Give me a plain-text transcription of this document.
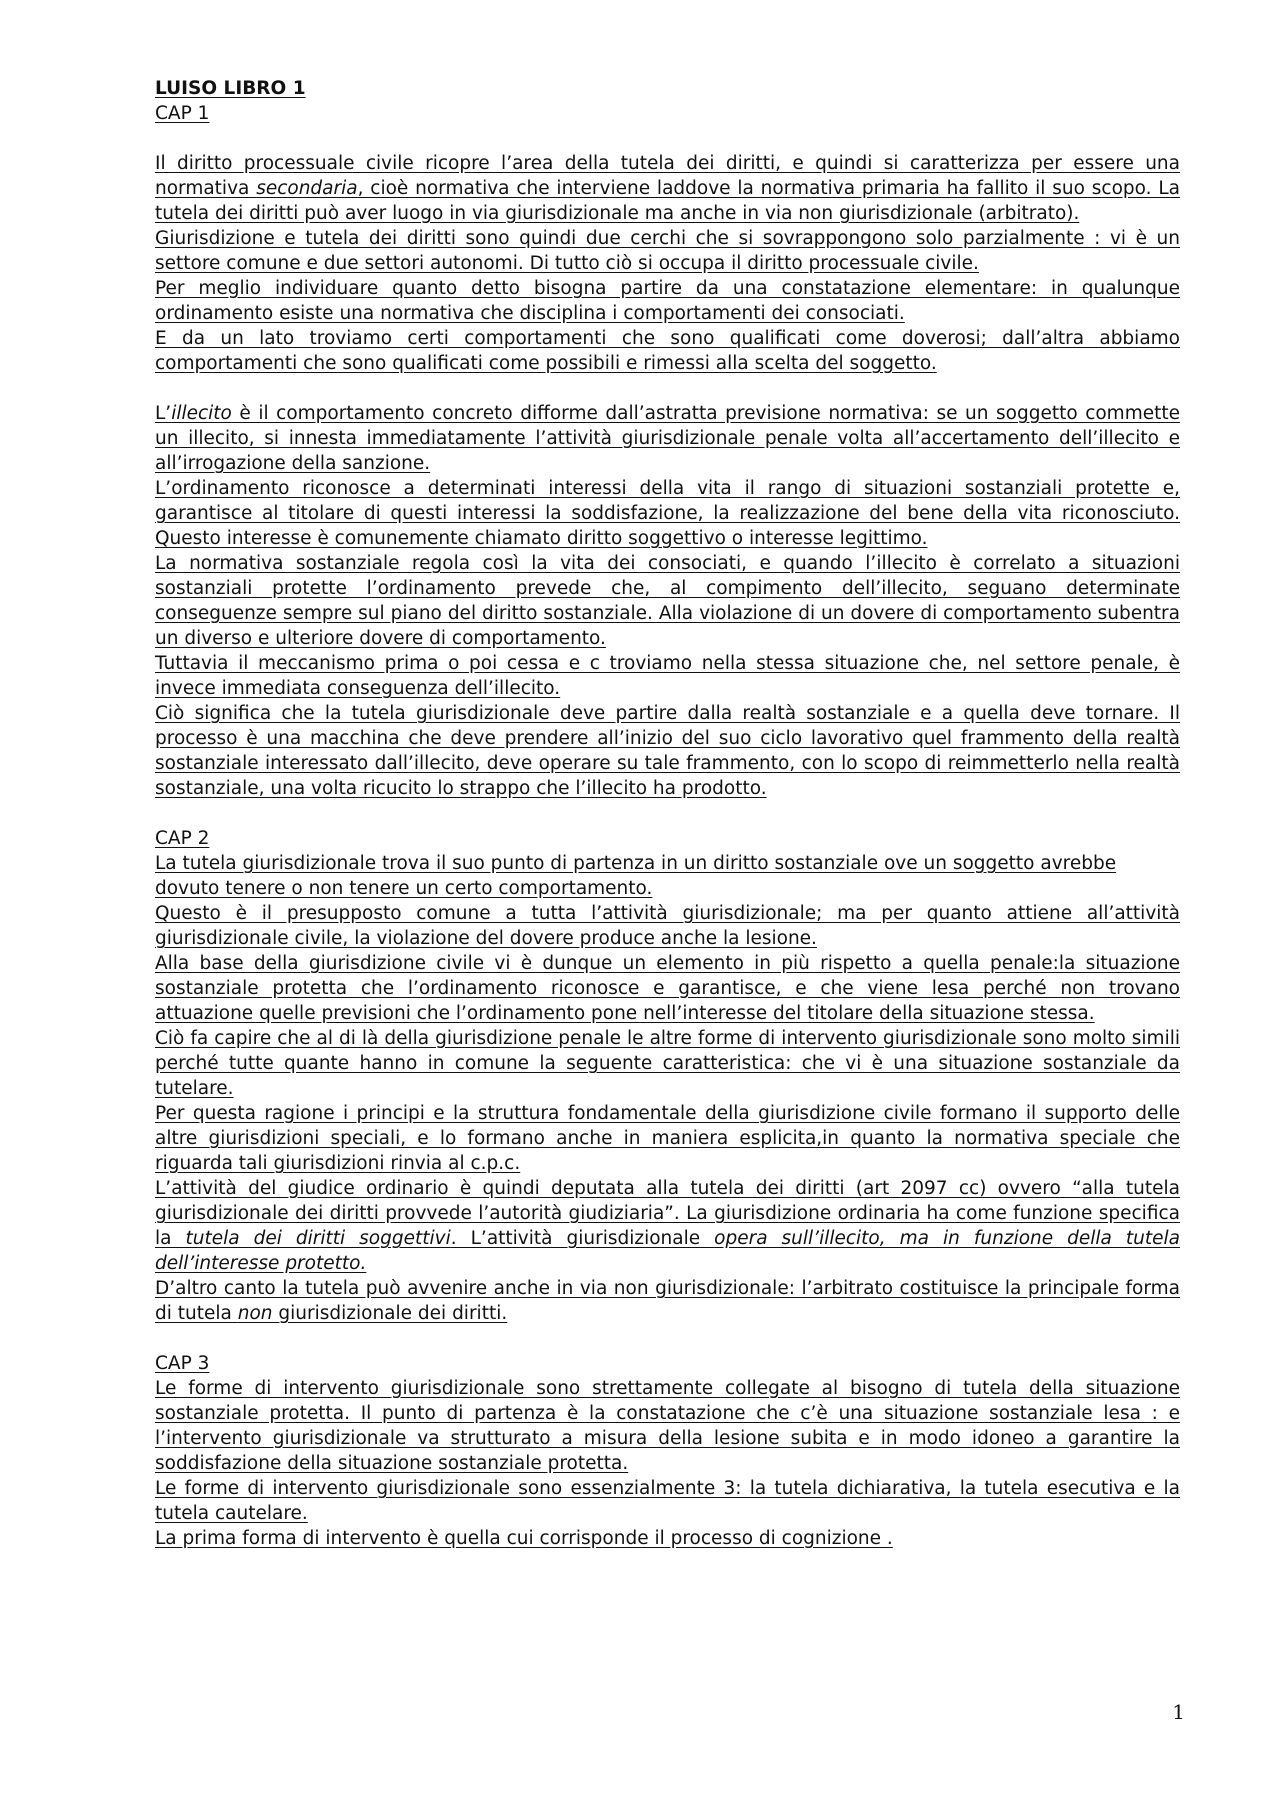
LUISO LIBRO 1
CAP 1

Il diritto processuale civile ricopre l’area della tutela dei diritti, e quindi si caratterizza per essere una normativa secondaria, cioè normativa che interviene laddove la normativa primaria ha fallito il suo scopo. La tutela dei diritti può aver luogo in via giurisdizionale ma anche in via non giurisdizionale (arbitrato).

Giurisdizione e tutela dei diritti sono quindi due cerchi che si sovrappongono solo parzialmente : vi è un settore comune e due settori autonomi. Di tutto ciò si occupa il diritto processuale civile.

Per meglio individuare quanto detto bisogna partire da una constatazione elementare: in qualunque ordinamento esiste una normativa che disciplina i comportamenti dei consociati.

E da un lato troviamo certi comportamenti che sono qualificati come doverosi; dall’altra abbiamo comportamenti che sono qualificati come possibili e rimessi alla scelta del soggetto.

L’illecito è il comportamento concreto difforme dall’astratta previsione normativa: se un soggetto commette un illecito, si innesta immediatamente l’attività giurisdizionale penale volta all’accertamento dell’illecito e all’irrogazione della sanzione.

L’ordinamento riconosce a determinati interessi della vita il rango di situazioni sostanziali protette e, garantisce al titolare di questi interessi la soddisfazione, la realizzazione del bene della vita riconosciuto. Questo interesse è comunemente chiamato diritto soggettivo o interesse legittimo.

La normativa sostanziale regola così la vita dei consociati, e quando l’illecito è correlato a situazioni sostanziali protette l’ordinamento prevede che, al compimento dell’illecito, seguano determinate conseguenze sempre sul piano del diritto sostanziale. Alla violazione di un dovere di comportamento subentra un diverso e ulteriore dovere di comportamento.

Tuttavia il meccanismo prima o poi cessa e c troviamo nella stessa situazione che, nel settore penale, è invece immediata conseguenza dell’illecito.

Ciò significa che la tutela giurisdizionale deve partire dalla realtà sostanziale e a quella deve tornare. Il processo è una macchina che deve prendere all’inizio del suo ciclo lavorativo quel frammento della realtà sostanziale interessato dall’illecito, deve operare su tale frammento, con lo scopo di reimmetterlo nella realtà sostanziale, una volta ricucito lo strappo che l’illecito ha prodotto.

CAP 2

La tutela giurisdizionale trova il suo punto di partenza in un diritto sostanziale ove un soggetto avrebbe dovuto tenere o non tenere un certo comportamento.

Questo è il presupposto comune a tutta l’attività giurisdizionale; ma per quanto attiene all’attività giurisdizionale civile, la violazione del dovere produce anche la lesione.

Alla base della giurisdizione civile vi è dunque un elemento in più rispetto a quella penale:la situazione sostanziale protetta che l’ordinamento riconosce e garantisce, e che viene lesa perché non trovano attuazione quelle previsioni che l’ordinamento pone nell’interesse del titolare della situazione stessa.

Ciò fa capire che al di là della giurisdizione penale le altre forme di intervento giurisdizionale sono molto simili perché tutte quante hanno in comune la seguente caratteristica: che vi è una situazione sostanziale da tutelare.

Per questa ragione i principi e la struttura fondamentale della giurisdizione civile formano il supporto delle altre giurisdizioni speciali, e lo formano anche in maniera esplicita,in quanto la normativa speciale che riguarda tali giurisdizioni rinvia al c.p.c.

L’attività del giudice ordinario è quindi deputata alla tutela dei diritti (art 2097 cc) ovvero “alla tutela giurisdizionale dei diritti provvede l’autorità giudiziaria”. La giurisdizione ordinaria ha come funzione specifica la tutela dei diritti soggettivi. L’attività giurisdizionale opera sull’illecito, ma in funzione della tutela dell’interesse protetto.

D’altro canto la tutela può avvenire anche in via non giurisdizionale: l’arbitrato costituisce la principale forma di tutela non giurisdizionale dei diritti.

CAP 3

Le forme di intervento giurisdizionale sono strettamente collegate al bisogno di tutela della situazione sostanziale protetta. Il punto di partenza è la constatazione che c’è una situazione sostanziale lesa : e l’intervento giurisdizionale va strutturato a misura della lesione subita e in modo idoneo a garantire la soddisfazione della situazione sostanziale protetta.

Le forme di intervento giurisdizionale sono essenzialmente 3: la tutela dichiarativa, la tutela esecutiva e la tutela cautelare.

La prima forma di intervento è quella cui corrisponde il processo di cognizione .

1
